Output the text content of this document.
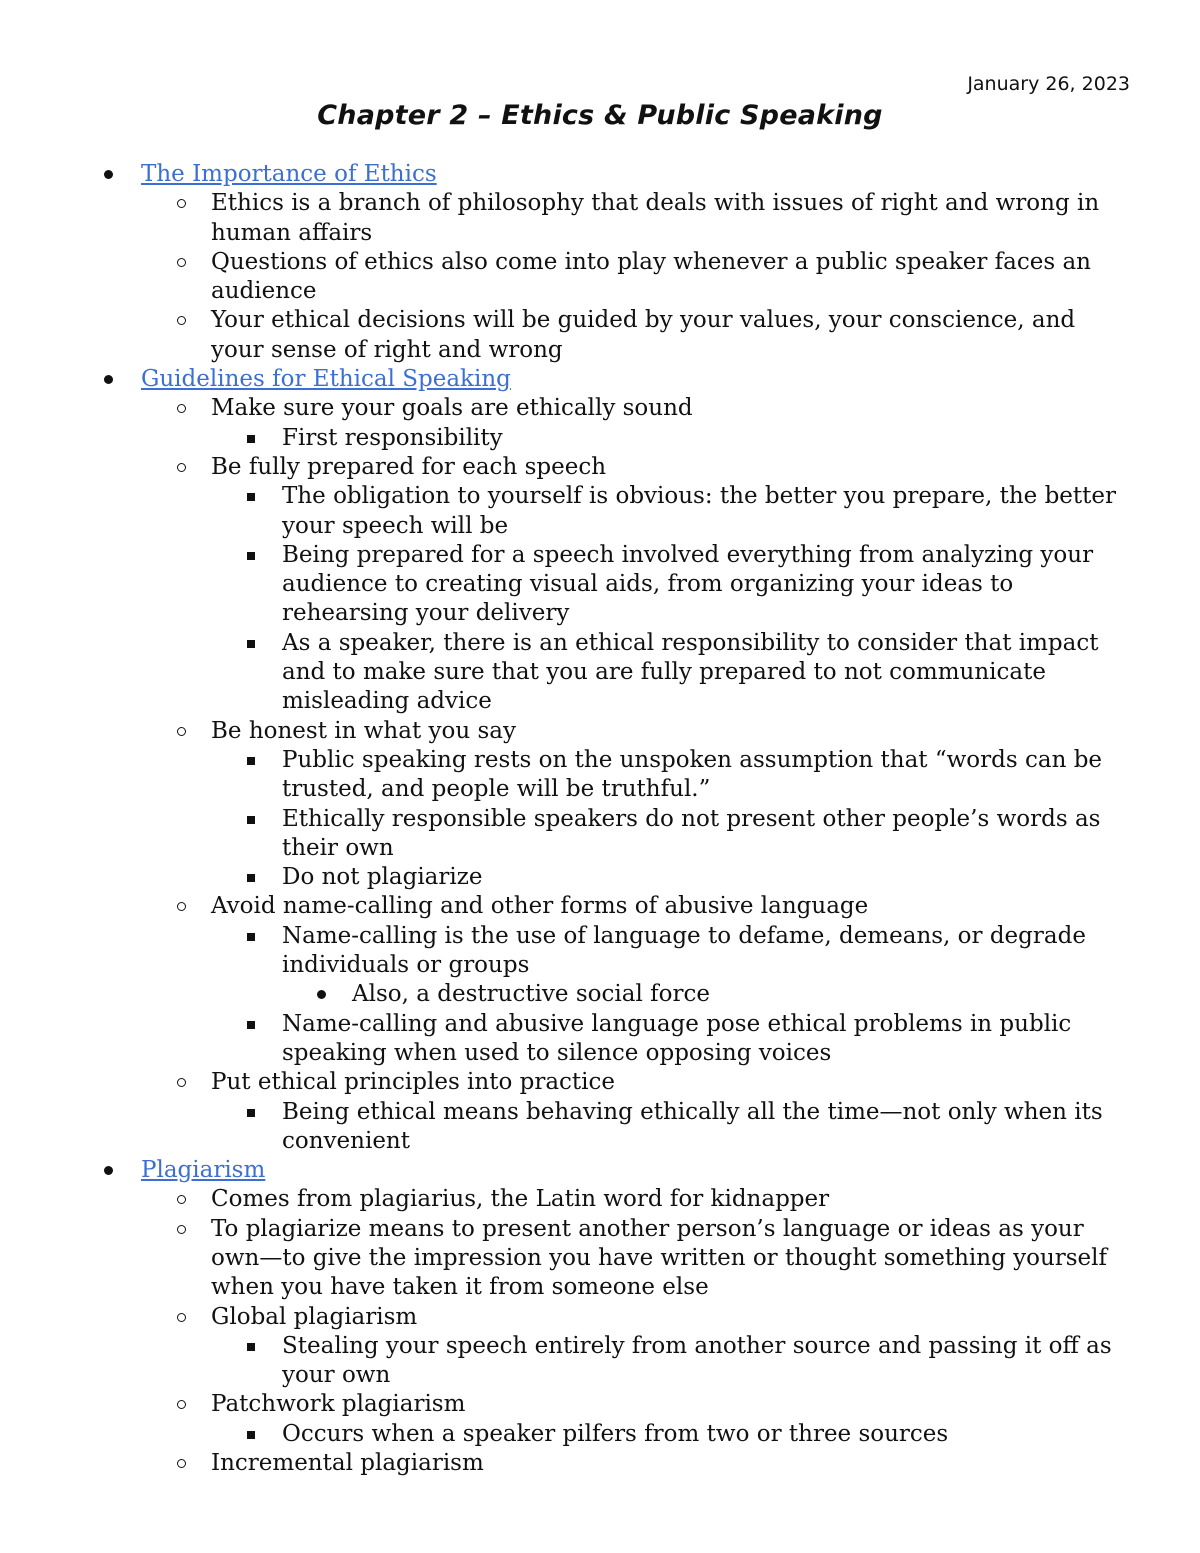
January 26, 2023
Chapter 2 – Ethics & Public Speaking
The Importance of Ethics
Ethics is a branch of philosophy that deals with issues of right and wrong in human affairs
Questions of ethics also come into play whenever a public speaker faces an audience
Your ethical decisions will be guided by your values, your conscience, and your sense of right and wrong
Guidelines for Ethical Speaking
Make sure your goals are ethically sound
First responsibility
Be fully prepared for each speech
The obligation to yourself is obvious: the better you prepare, the better your speech will be
Being prepared for a speech involved everything from analyzing your audience to creating visual aids, from organizing your ideas to rehearsing your delivery
As a speaker, there is an ethical responsibility to consider that impact and to make sure that you are fully prepared to not communicate misleading advice
Be honest in what you say
Public speaking rests on the unspoken assumption that “words can be trusted, and people will be truthful.”
Ethically responsible speakers do not present other people’s words as their own
Do not plagiarize
Avoid name-calling and other forms of abusive language
Name-calling is the use of language to defame, demeans, or degrade individuals or groups
Also, a destructive social force
Name-calling and abusive language pose ethical problems in public speaking when used to silence opposing voices
Put ethical principles into practice
Being ethical means behaving ethically all the time—not only when its convenient
Plagiarism
Comes from plagiarius, the Latin word for kidnapper
To plagiarize means to present another person’s language or ideas as your own—to give the impression you have written or thought something yourself when you have taken it from someone else
Global plagiarism
Stealing your speech entirely from another source and passing it off as your own
Patchwork plagiarism
Occurs when a speaker pilfers from two or three sources
Incremental plagiarism
